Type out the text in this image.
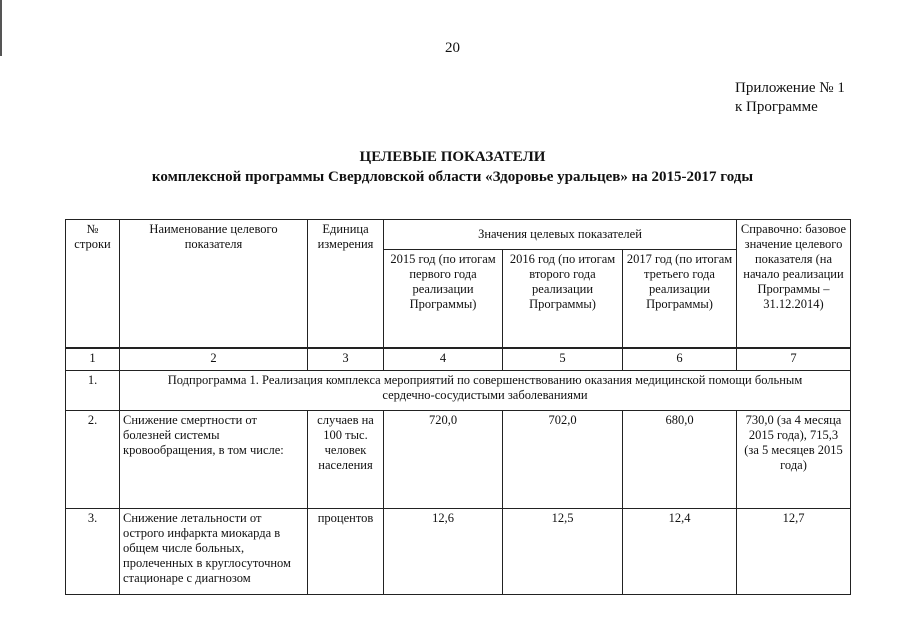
20
Приложение № 1
к Программе
ЦЕЛЕВЫЕ ПОКАЗАТЕЛИ
комплексной программы Свердловской области «Здоровье уральцев» на 2015-2017 годы
№ строки	Наименование целевого показателя	Единица измерения	Значения целевых показателей			Справочно: базовое значение целевого показателя (на начало реализации Программы – 31.12.2014)
			2015 год (по итогам первого года реализации Программы)	2016 год (по итогам второго года реализации Программы)	2017 год (по итогам третьего года реализации Программы)	

1	2	3	4	5	6	7
1.	Подпрограмма 1. Реализация комплекса мероприятий по совершенствованию оказания медицинской помощи больным сердечно-сосудистыми заболеваниями					
2.	Снижение смертности от болезней системы кровообращения, в том числе:	случаев на 100 тыс. человек населения	720,0	702,0	680,0	730,0 (за 4 месяца 2015 года), 715,3 (за 5 месяцев 2015 года)
3.	Снижение летальности от острого инфаркта миокарда в общем числе больных, пролеченных в круглосуточном стационаре с диагнозом	процентов	12,6	12,5	12,4	12,7
